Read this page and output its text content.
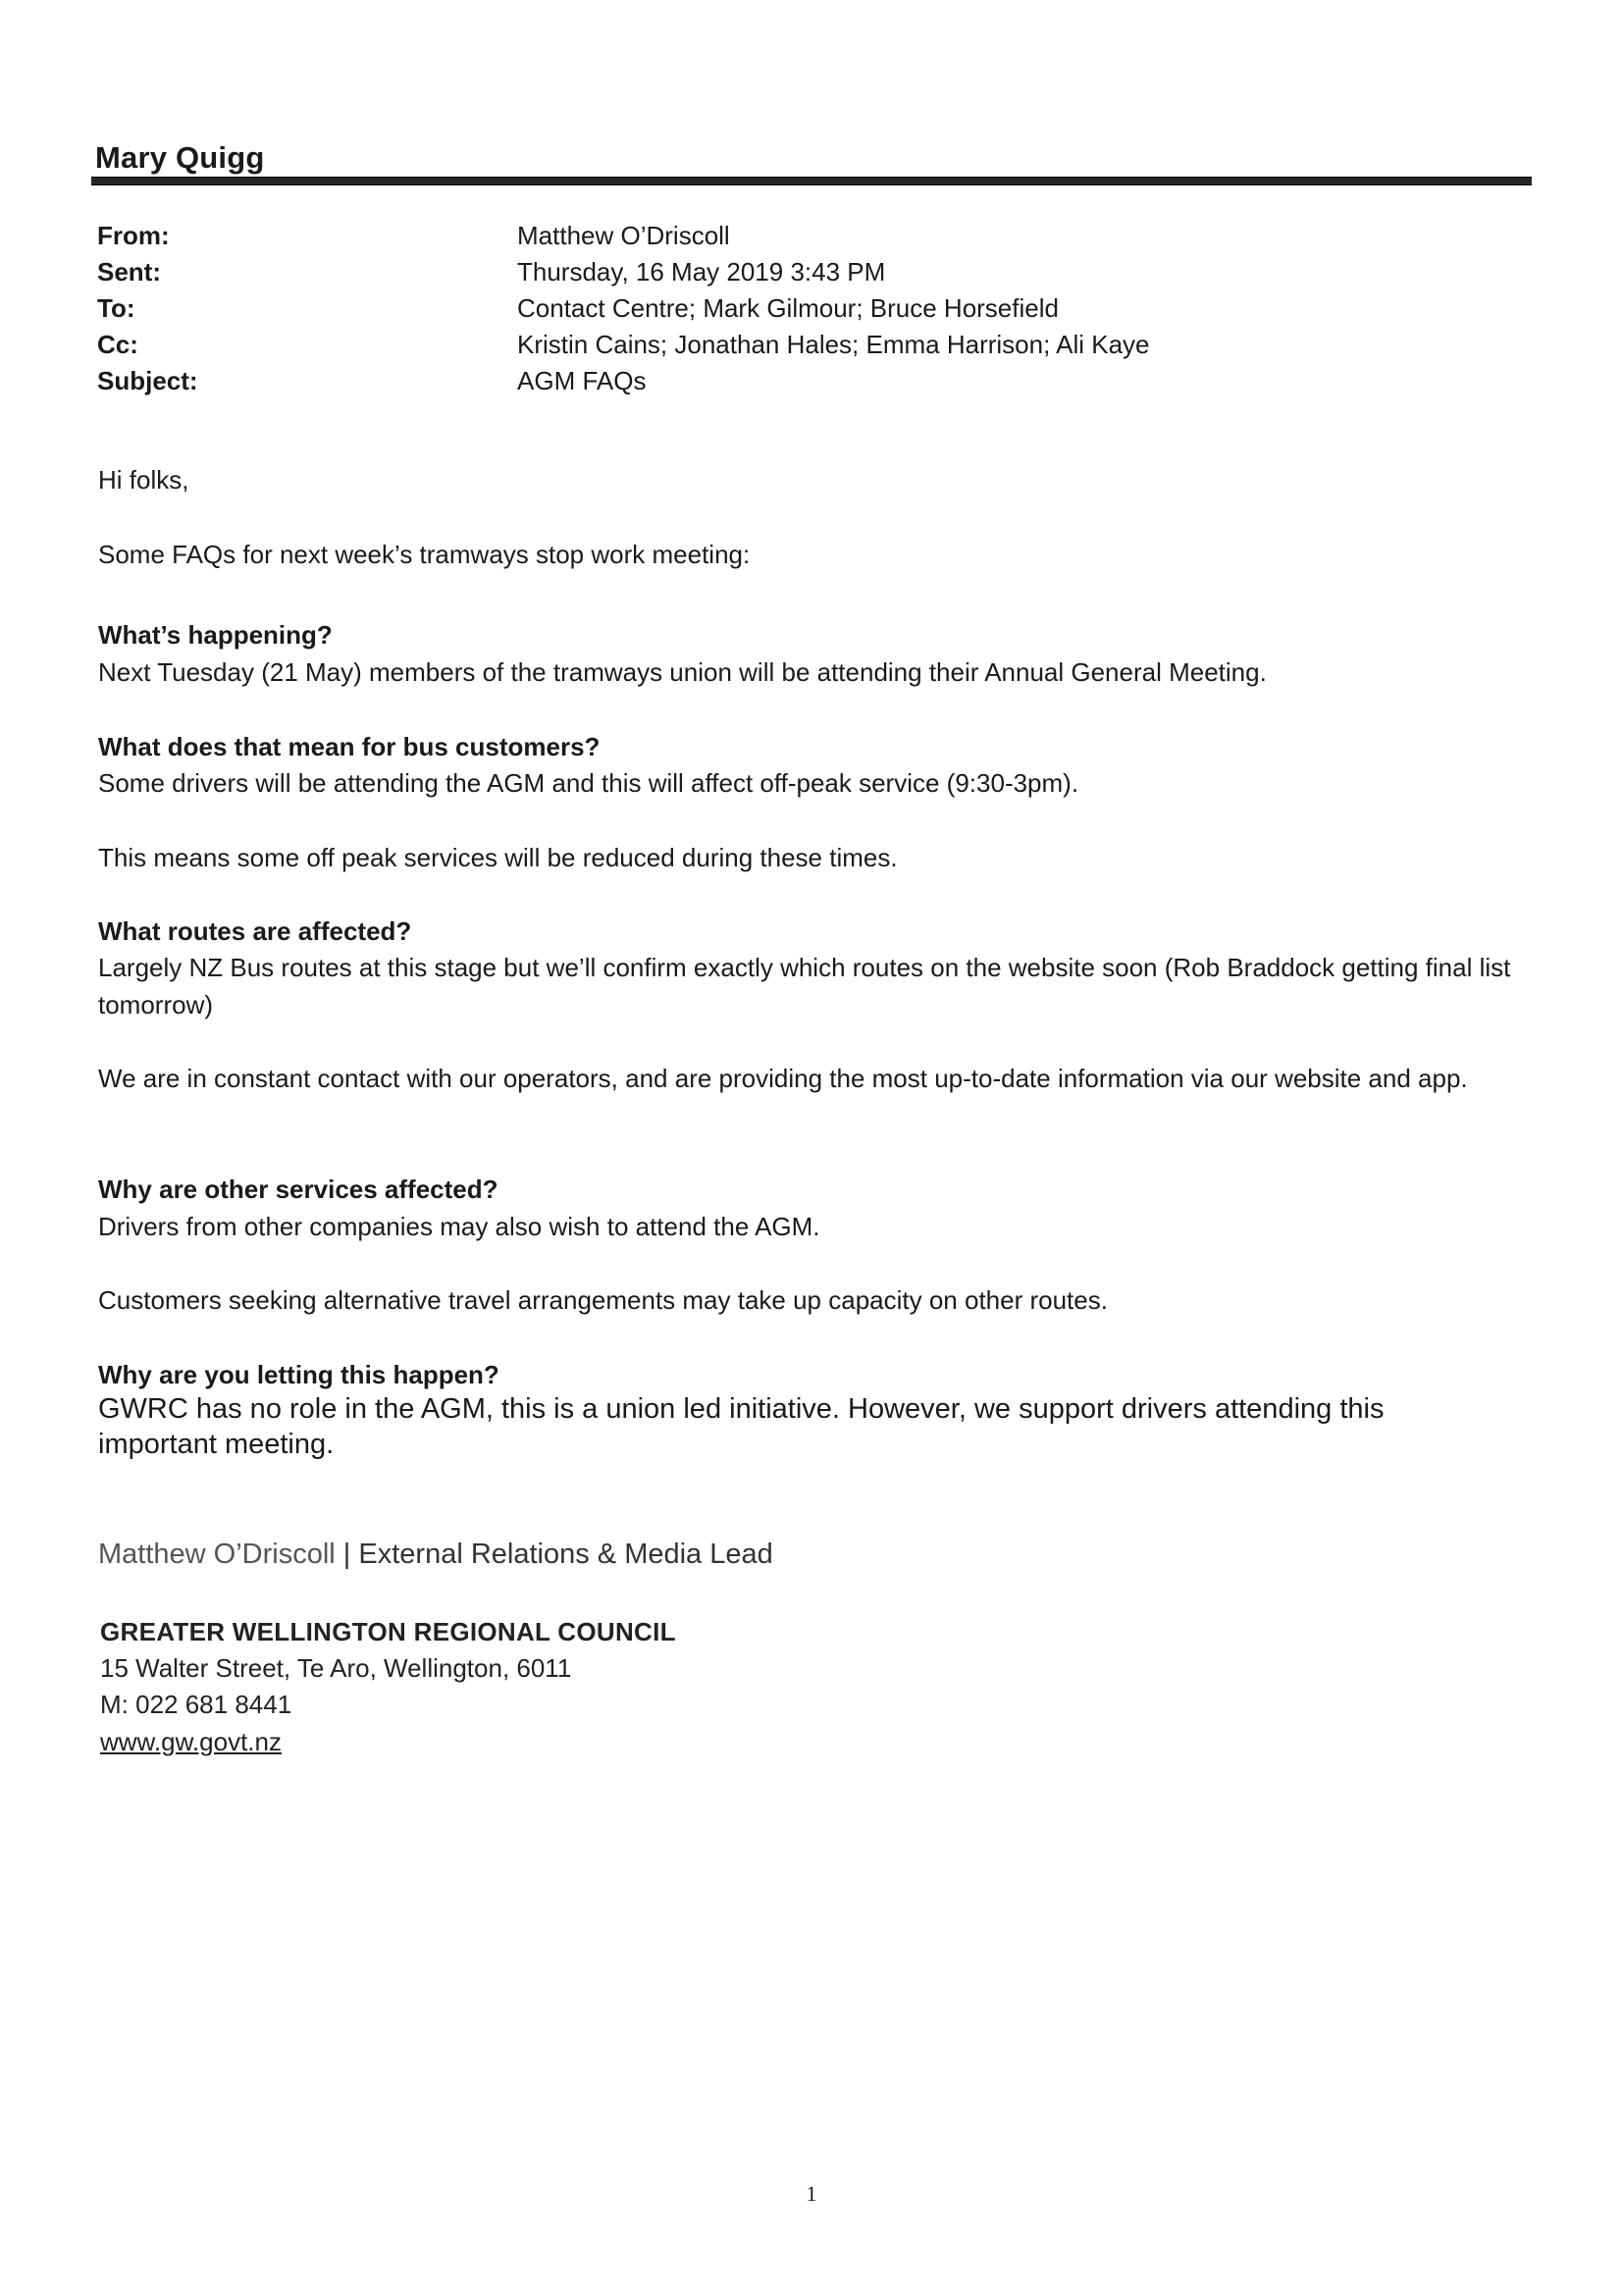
Mary Quigg
From:	Matthew O’Driscoll
Sent:	Thursday, 16 May 2019 3:43 PM
To:	Contact Centre; Mark Gilmour; Bruce Horsefield
Cc:	Kristin Cains; Jonathan Hales; Emma Harrison; Ali Kaye
Subject:	AGM FAQs
Hi folks,
Some FAQs for next week’s tramways stop work meeting:
What’s happening?
Next Tuesday (21 May) members of the tramways union will be attending their Annual General Meeting.
What does that mean for bus customers?
Some drivers will be attending the AGM and this will affect off-peak service (9:30-3pm).
This means some off peak services will be reduced during these times.
What routes are affected?
Largely NZ Bus routes at this stage but we’ll confirm exactly which routes on the website soon (Rob Braddock getting final list tomorrow)
We are in constant contact with our operators, and are providing the most up-to-date information via our website and app.
Why are other services affected?
Drivers from other companies may also wish to attend the AGM.
Customers seeking alternative travel arrangements may take up capacity on other routes.
Why are you letting this happen?
GWRC has no role in the AGM, this is a union led initiative. However, we support drivers attending this important meeting.
Matthew O’Driscoll | External Relations & Media Lead
GREATER WELLINGTON REGIONAL COUNCIL
15 Walter Street, Te Aro, Wellington, 6011
M: 022 681 8441
www.gw.govt.nz
1
